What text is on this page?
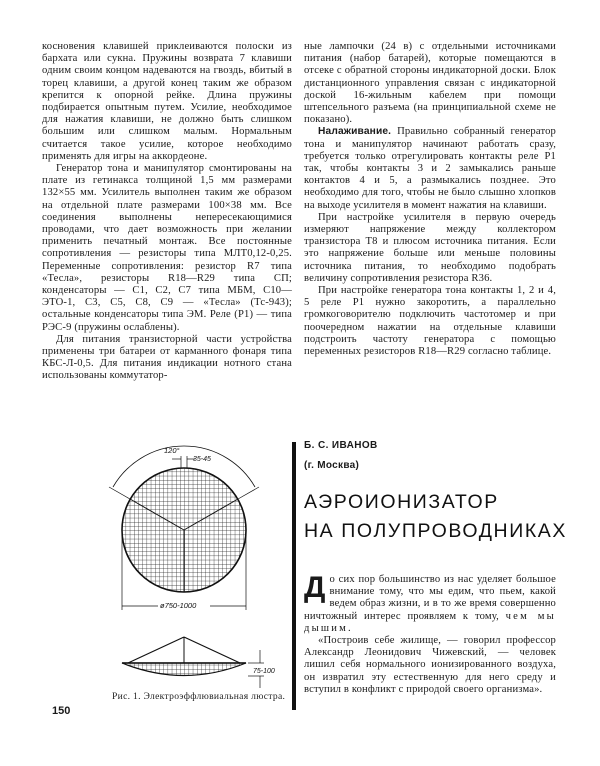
косновения клавишей приклеиваются полоски из бархата или сукна. Пружины возврата 7 клавиши одним своим концом надеваются на гвоздь, вбитый в торец клавиши, а другой конец таким же образом крепится к опорной рейке. Длина пружины подбирается опытным путем. Усилие, необходимое для нажатия клавиши, не должно быть слишком большим или слишком малым. Нормальным считается такое усилие, которое необходимо применять для игры на аккордеоне.

Генератор тона и манипулятор смонтированы на плате из гетинакса толщиной 1,5 мм размерами 132×55 мм. Усилитель выполнен таким же образом на отдельной плате размерами 100×38 мм. Все соединения выполнены непересекающимися проводами, что дает возможность при желании применить печатный монтаж. Все постоянные сопротивления — резисторы типа МЛТ0,12-0,25. Переменные сопротивления: резистор R7 типа «Тесла», резисторы R18—R29 типа СП; конденсаторы — C1, C2, C7 типа МБМ, C10—ЭТО-1, C3, C5, C8, C9 — «Тесла» (Тс-943); остальные конденсаторы типа ЭМ. Реле (P1) — типа РЭС-9 (пружины ослаблены).

Для питания транзисторной части устройства применены три батареи от карманного фонаря типа КБС-Л-0,5. Для питания индикации нотного стана использованы коммутатор-

ные лампочки (24 в) с отдельными источниками питания (набор батарей), которые помещаются в отсеке с обратной стороны индикаторной доски. Блок дистанционного управления связан с индикаторной доской 16-жильным кабелем при помощи штепсельного разъема (на принципиальной схеме не показано).

Налаживание. Правильно собранный генератор тона и манипулятор начинают работать сразу, требуется только отрегулировать контакты реле P1 так, чтобы контакты 3 и 2 замыкались раньше контактов 4 и 5, а размыкались позднее. Это необходимо для того, чтобы не было слышно хлопков на выходе усилителя в момент нажатия на клавиши.

При настройке усилителя в первую очередь измеряют напряжение между коллектором транзистора T8 и плюсом источника питания. Если это напряжение больше или меньше половины источника питания, то необходимо подобрать величину сопротивления резистора R36.

При настройке генератора тона контакты 1, 2 и 4, 5 реле P1 нужно закоротить, а параллельно громкоговорителю подключить частотомер и при поочередном нажатии на отдельные клавиши подстроить частоту генератора с помощью переменных резисторов R18—R29 согласно таблице.

120°
35-45
ø750-1000
75-100
Рис. 1. Электроэффлювиальная люстра.
Б. С. ИВАНОВ
(г. Москва)
АЭРОИОНИЗАТОР
НА ПОЛУПРОВОДНИКАХ

До сих пор большинство из нас уделяет большое внимание тому, что мы едим, что пьем, какой ведем образ жизни, и в то же время совершенно ничтожный интерес проявляем к тому, чем мы дышим.

«Построив себе жилище, — говорил профессор Александр Леонидович Чижевский, — человек лишил себя нормального ионизированного воздуха, он извратил эту естественную для него среду и вступил в конфликт с природой своего организма».

150
